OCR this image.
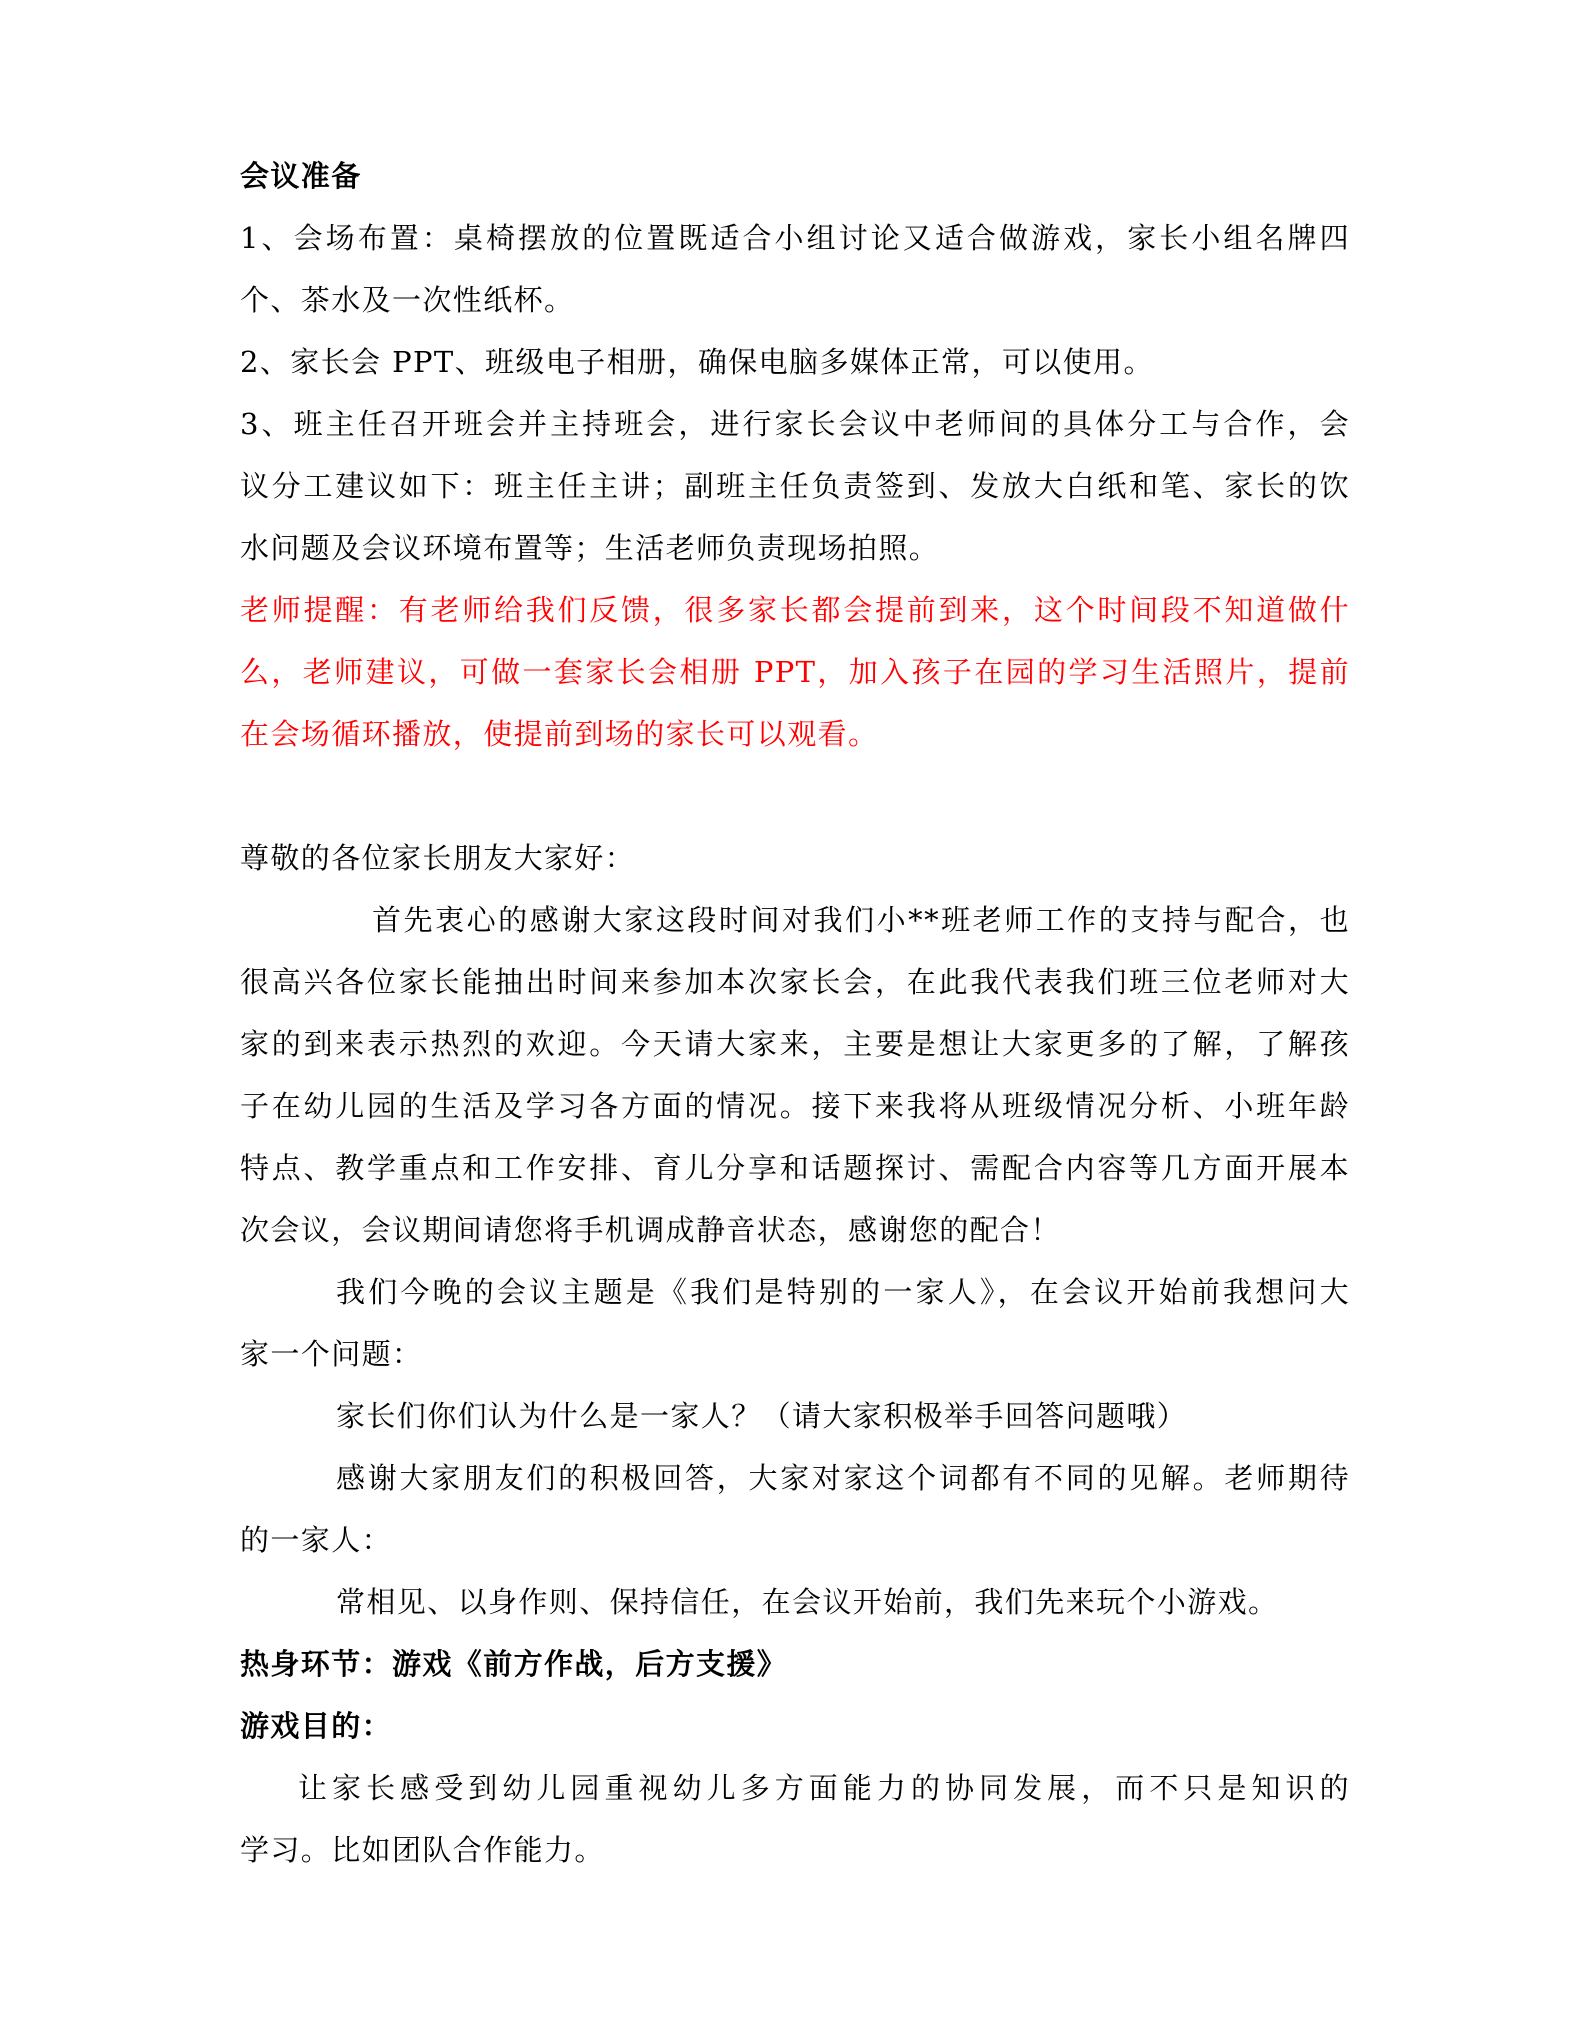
会议准备
1、会场布置：桌椅摆放的位置既适合小组讨论又适合做游戏，家长小组名牌四
个、茶水及一次性纸杯。
2、家长会 PPT、班级电子相册，确保电脑多媒体正常，可以使用。
3、班主任召开班会并主持班会，进行家长会议中老师间的具体分工与合作，会
议分工建议如下：班主任主讲；副班主任负责签到、发放大白纸和笔、家长的饮
水问题及会议环境布置等；生活老师负责现场拍照。
老师提醒：有老师给我们反馈，很多家长都会提前到来，这个时间段不知道做什
么，老师建议，可做一套家长会相册 PPT，加入孩子在园的学习生活照片，提前
在会场循环播放，使提前到场的家长可以观看。
尊敬的各位家长朋友大家好：
首先衷心的感谢大家这段时间对我们小**班老师工作的支持与配合，也
很高兴各位家长能抽出时间来参加本次家长会，在此我代表我们班三位老师对大
家的到来表示热烈的欢迎。今天请大家来，主要是想让大家更多的了解，了解孩
子在幼儿园的生活及学习各方面的情况。接下来我将从班级情况分析、小班年龄
特点、教学重点和工作安排、育儿分享和话题探讨、需配合内容等几方面开展本
次会议，会议期间请您将手机调成静音状态，感谢您的配合！
我们今晚的会议主题是《我们是特别的一家人》，在会议开始前我想问大
家一个问题：
家长们你们认为什么是一家人？（请大家积极举手回答问题哦）
感谢大家朋友们的积极回答，大家对家这个词都有不同的见解。老师期待
的一家人：
常相见、以身作则、保持信任，在会议开始前，我们先来玩个小游戏。
热身环节：游戏《前方作战，后方支援》
游戏目的：
让家长感受到幼儿园重视幼儿多方面能力的协同发展，而不只是知识的
学习。比如团队合作能力。
